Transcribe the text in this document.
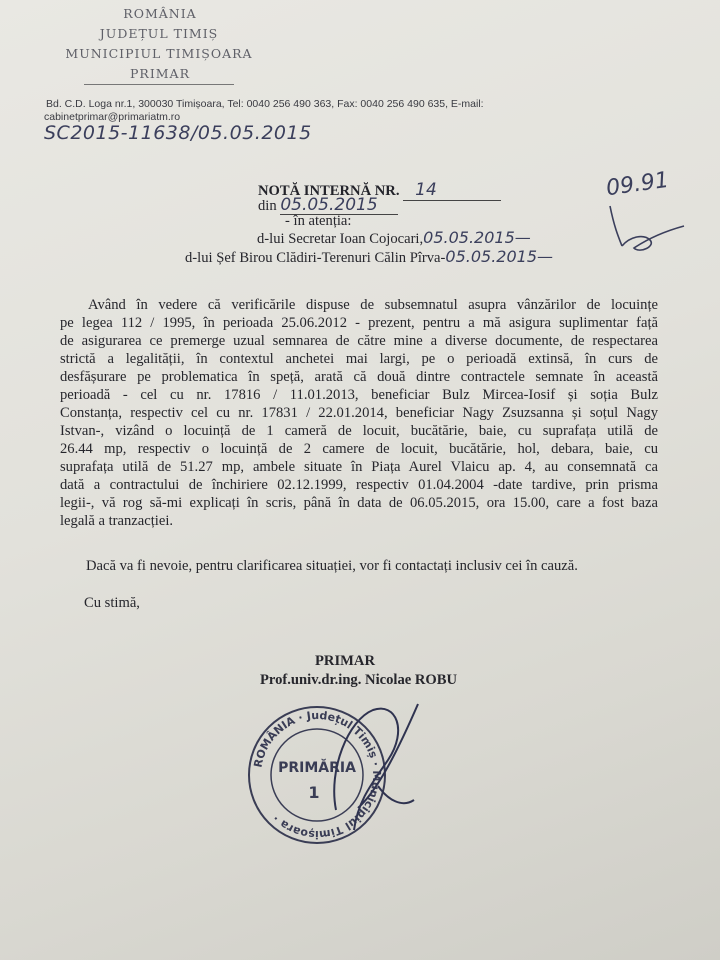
ROMÂNIA
JUDEȚUL TIMIȘ
MUNICIPIUL TIMIȘOARA
PRIMAR
Bd. C.D. Loga nr.1, 300030 Timișoara, Tel: 0040 256 490 363, Fax: 0040 256 490 635, E-mail:
cabinetprimar@primariatm.ro
SC2015-11638/05.05.2015
NOTĂ INTERNĂ NR. 14
din 05.05.2015
- în atenția:
d-lui Secretar Ioan Cojocari,05.05.2015—
d-lui Șef Birou Clădiri-Terenuri Călin Pîrva-05.05.2015—
09.91
Având în vedere că verificările dispuse de subsemnatul asupra vânzărilor de locuințe
pe legea 112 / 1995, în perioada 25.06.2012 - prezent, pentru a mă asigura suplimentar față
de asigurarea ce premerge uzual semnarea de către mine a diverse documente, de respectarea
strictă a legalității, în contextul anchetei mai largi, pe o perioadă extinsă, în curs de
desfășurare pe problematica în speță, arată că două dintre contractele semnate în această
perioadă - cel cu nr. 17816 / 11.01.2013, beneficiar Bulz Mircea-Iosif și soția Bulz
Constanța, respectiv cel cu nr. 17831 / 22.01.2014, beneficiar Nagy Zsuzsanna și soțul Nagy
Istvan-, vizând o locuință de 1 cameră de locuit, bucătărie, baie, cu suprafața utilă de
26.44 mp, respectiv o locuință de 2 camere de locuit, bucătărie, hol, debara, baie, cu
suprafața utilă de 51.27 mp, ambele situate în Piața Aurel Vlaicu ap. 4, au consemnată ca
dată a contractului de închiriere 02.12.1999, respectiv 01.04.2004 -date tardive, prin prisma
legii-, vă rog să-mi explicați în scris, până în data de 06.05.2015, ora 15.00, care a fost baza
legală a tranzacției.
Dacă va fi nevoie, pentru clarificarea situației, vor fi contactați inclusiv cei în cauză.
Cu stimă,
PRIMAR
Prof.univ.dr.ing. Nicolae ROBU
ROMÂNIA · Județul Timiș · Municipiul Timișoara ·
PRIMĂRIA
1
